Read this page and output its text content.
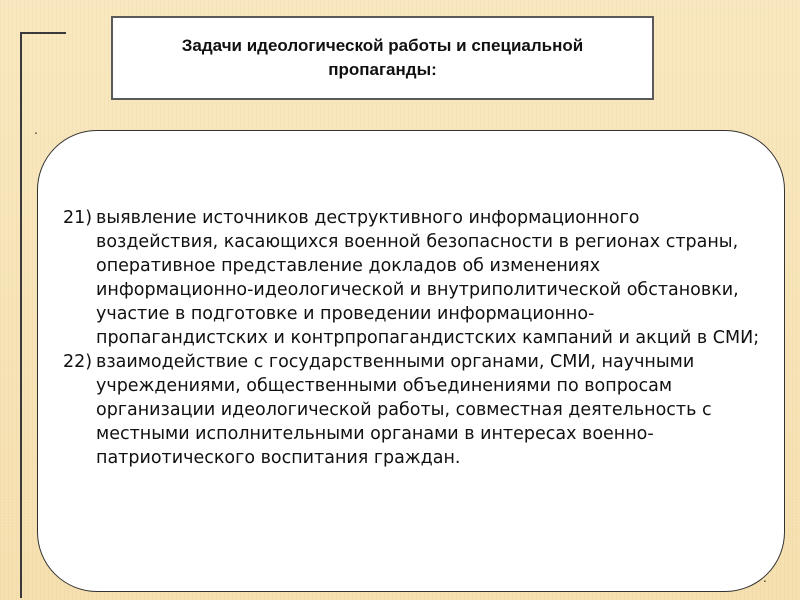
Задачи идеологической работы и специальной пропаганды:
.
21) выявление источников деструктивного информационного воздействия, касающихся военной безопасности в регионах страны, оперативное представление докладов об изменениях информационно-идеологической и внутриполитической обстановки, участие в подготовке и проведении информационно-пропагандистских и контрпропагандистских кампаний и акций в СМИ;
22) взаимодействие с государственными органами, СМИ, научными учреждениями, общественными объединениями по вопросам организации идеологической работы, совместная деятельность с местными исполнительными органами в интересах военно-патриотического воспитания граждан.
.
